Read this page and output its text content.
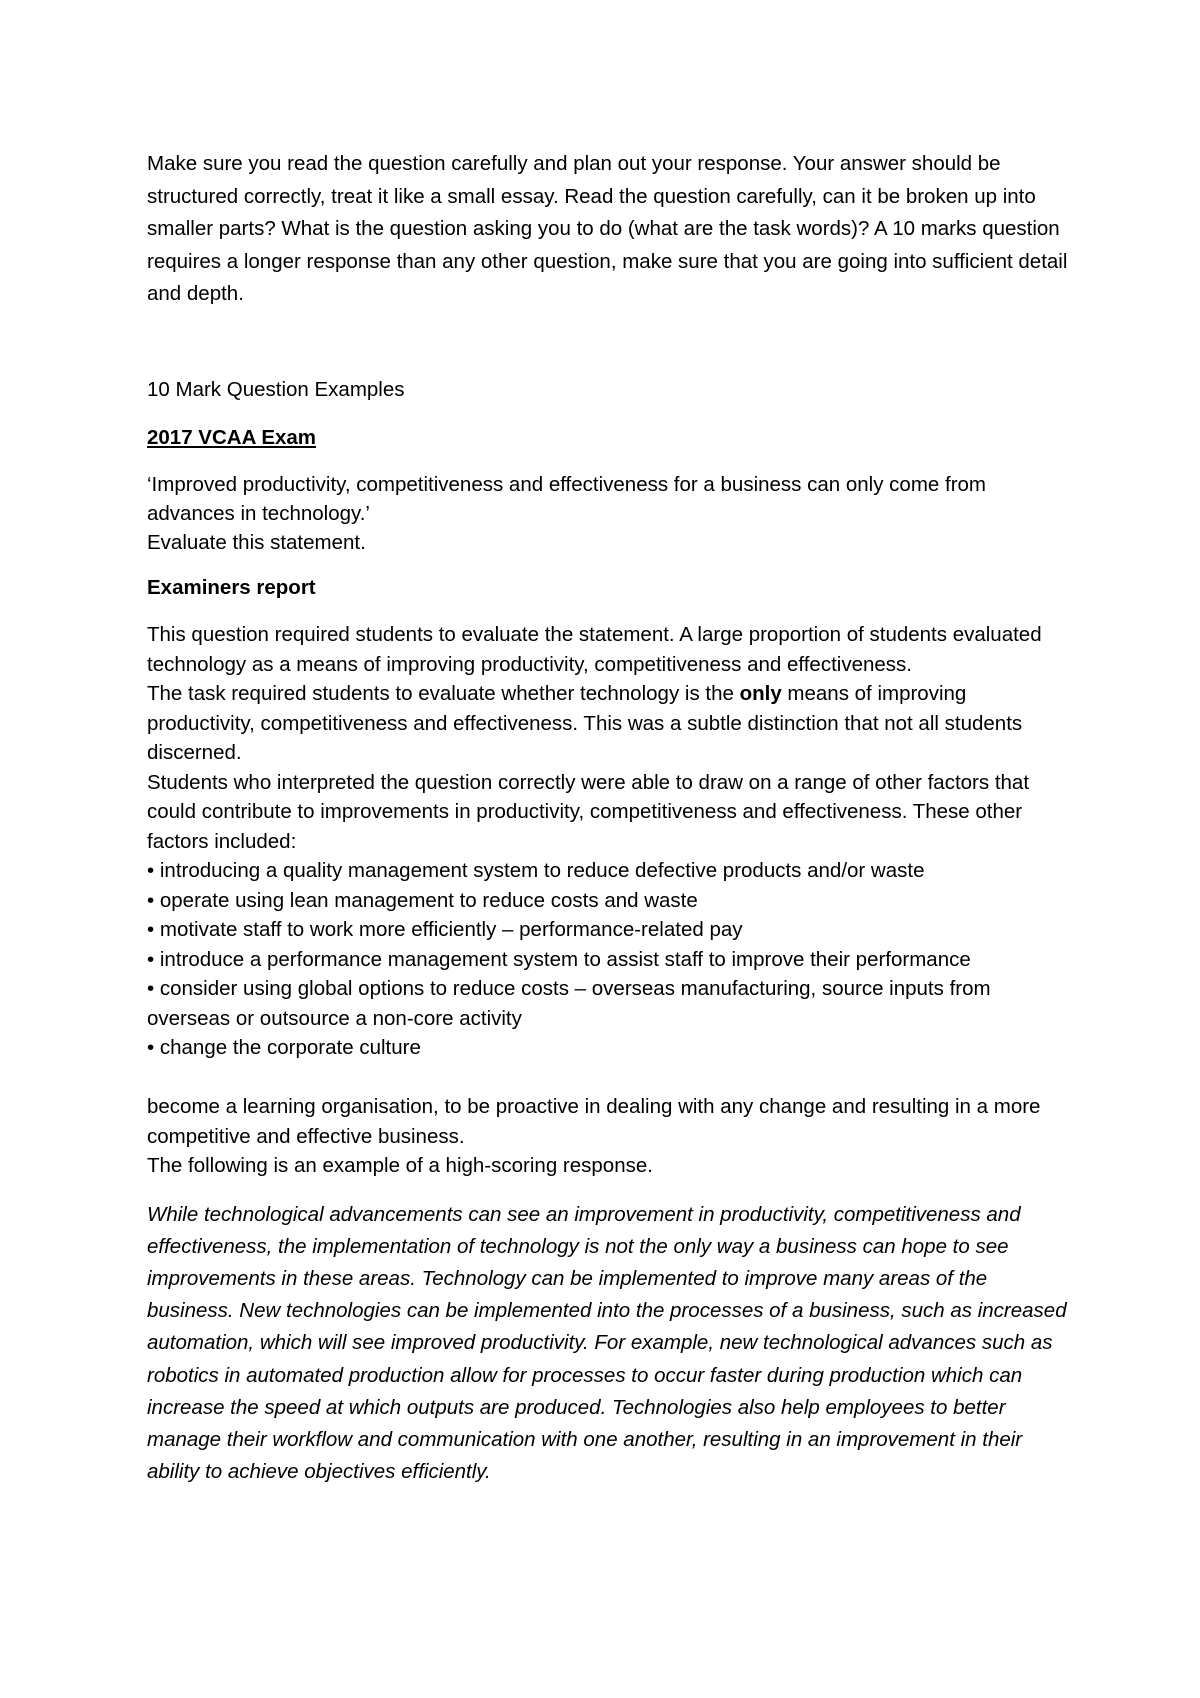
Make sure you read the question carefully and plan out your response. Your answer should be structured correctly, treat it like a small essay. Read the question carefully, can it be broken up into smaller parts? What is the question asking you to do (what are the task words)? A 10 marks question requires a longer response than any other question, make sure that you are going into sufficient detail and depth.

10 Mark Question Examples

2017 VCAA Exam

‘Improved productivity, competitiveness and effectiveness for a business can only come from advances in technology.’

Evaluate this statement.

Examiners report

This question required students to evaluate the statement. A large proportion of students evaluated technology as a means of improving productivity, competitiveness and effectiveness.

The task required students to evaluate whether technology is the only means of improving productivity, competitiveness and effectiveness. This was a subtle distinction that not all students discerned.

Students who interpreted the question correctly were able to draw on a range of other factors that could contribute to improvements in productivity, competitiveness and effectiveness. These other factors included:

• introducing a quality management system to reduce defective products and/or waste
• operate using lean management to reduce costs and waste
• motivate staff to work more efficiently – performance-related pay
• introduce a performance management system to assist staff to improve their performance
• consider using global options to reduce costs – overseas manufacturing, source inputs from overseas or outsource a non-core activity
• change the corporate culture

become a learning organisation, to be proactive in dealing with any change and resulting in a more competitive and effective business.

The following is an example of a high-scoring response.

While technological advancements can see an improvement in productivity, competitiveness and effectiveness, the implementation of technology is not the only way a business can hope to see improvements in these areas. Technology can be implemented to improve many areas of the business. New technologies can be implemented into the processes of a business, such as increased automation, which will see improved productivity. For example, new technological advances such as robotics in automated production allow for processes to occur faster during production which can increase the speed at which outputs are produced. Technologies also help employees to better manage their workflow and communication with one another, resulting in an improvement in their ability to achieve objectives efficiently.
